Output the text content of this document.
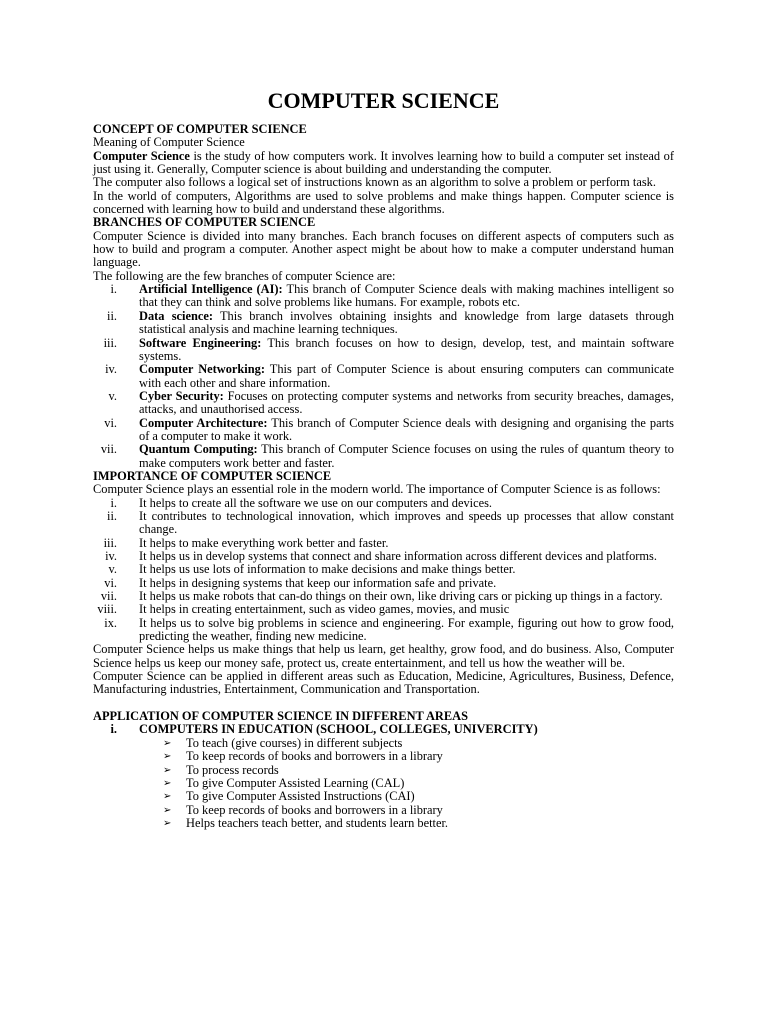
COMPUTER SCIENCE
CONCEPT OF COMPUTER SCIENCE
Meaning of Computer Science
Computer Science is the study of how computers work. It involves learning how to build a computer set instead of just using it. Generally, Computer science is about building and understanding the computer.
The computer also follows a logical set of instructions known as an algorithm to solve a problem or perform task.
In the world of computers, Algorithms are used to solve problems and make things happen. Computer science is concerned with learning how to build and understand these algorithms.
BRANCHES OF COMPUTER SCIENCE
Computer Science is divided into many branches. Each branch focuses on different aspects of computers such as how to build and program a computer. Another aspect might be about how to make a computer understand human language.
The following are the few branches of computer Science are:
i. Artificial Intelligence (AI): This branch of Computer Science deals with making machines intelligent so that they can think and solve problems like humans. For example, robots etc.
ii. Data science: This branch involves obtaining insights and knowledge from large datasets through statistical analysis and machine learning techniques.
iii. Software Engineering: This branch focuses on how to design, develop, test, and maintain software systems.
iv. Computer Networking: This part of Computer Science is about ensuring computers can communicate with each other and share information.
v. Cyber Security: Focuses on protecting computer systems and networks from security breaches, damages, attacks, and unauthorised access.
vi. Computer Architecture: This branch of Computer Science deals with designing and organising the parts of a computer to make it work.
vii. Quantum Computing: This branch of Computer Science focuses on using the rules of quantum theory to make computers work better and faster.
IMPORTANCE OF COMPUTER SCIENCE
Computer Science plays an essential role in the modern world. The importance of Computer Science is as follows:
i. It helps to create all the software we use on our computers and devices.
ii. It contributes to technological innovation, which improves and speeds up processes that allow constant change.
iii. It helps to make everything work better and faster.
iv. It helps us in develop systems that connect and share information across different devices and platforms.
v. It helps us use lots of information to make decisions and make things better.
vi. It helps in designing systems that keep our information safe and private.
vii. It helps us make robots that can-do things on their own, like driving cars or picking up things in a factory.
viii. It helps in creating entertainment, such as video games, movies, and music
ix. It helps us to solve big problems in science and engineering. For example, figuring out how to grow food, predicting the weather, finding new medicine.
Computer Science helps us make things that help us learn, get healthy, grow food, and do business. Also, Computer Science helps us keep our money safe, protect us, create entertainment, and tell us how the weather will be.
Computer Science can be applied in different areas such as Education, Medicine, Agricultures, Business, Defence, Manufacturing industries, Entertainment, Communication and Transportation.
APPLICATION OF COMPUTER SCIENCE IN DIFFERENT AREAS
i. COMPUTERS IN EDUCATION (SCHOOL, COLLEGES, UNIVERCITY)
➢ To teach (give courses) in different subjects
➢ To keep records of books and borrowers in a library
➢ To process records
➢ To give Computer Assisted Learning (CAL)
➢ To give Computer Assisted Instructions (CAI)
➢ To keep records of books and borrowers in a library
➢ Helps teachers teach better, and students learn better.
